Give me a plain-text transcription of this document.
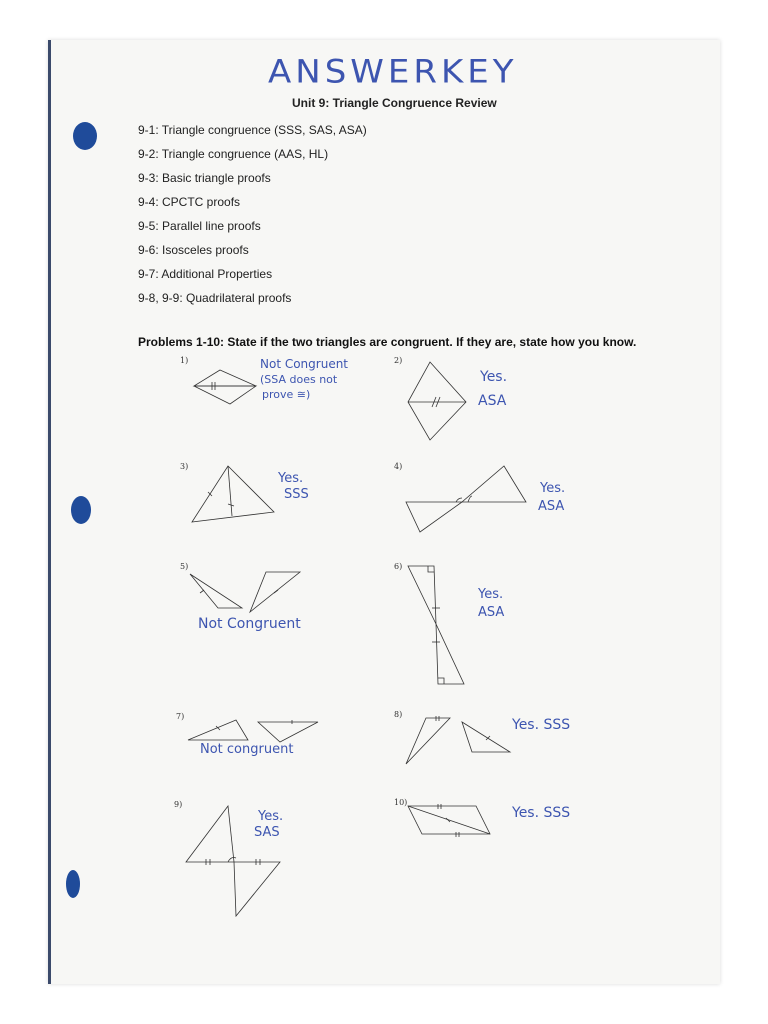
ANSWERKEY
Unit 9: Triangle Congruence Review
9-1: Triangle congruence (SSS, SAS, ASA)
9-2: Triangle congruence (AAS, HL)
9-3: Basic triangle proofs
9-4: CPCTC proofs
9-5: Parallel line proofs
9-6: Isosceles proofs
9-7: Additional Properties
9-8, 9-9: Quadrilateral proofs
Problems 1-10: State if the two triangles are congruent. If they are, state how you know.
1)	Not Congruent
(SSA does not
prove ≅)
2)
Yes.
ASA
3)
Yes.
SSS
4)
Yes.
ASA
5)
Not Congruent
6)
Yes.
ASA
7)
Not congruent
8)
Yes. SSS
9)
Yes.
SAS
10)
Yes. SSS
